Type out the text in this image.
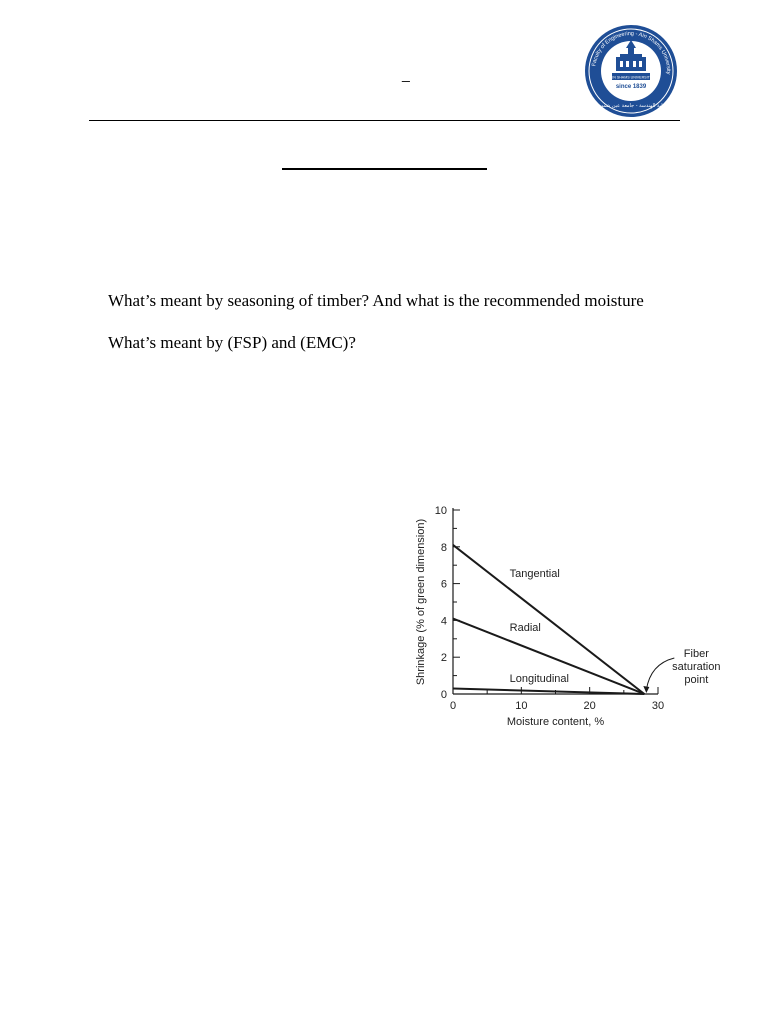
_
Faculty of Engineering - Ain Shams University
AIN SHAMS UNIVERSITY
since 1839
كلية الهندسة - جامعة عين شمس
What’s meant by seasoning of timber? And what is the recommended moisture
What’s meant by (FSP) and (EMC)?
0
2
4
6
8
10
0	10	20	30
Moisture content, %
Shrinkage (% of green dimension)	Tangential
Radial
Longitudinal
Fiber
saturation
point
